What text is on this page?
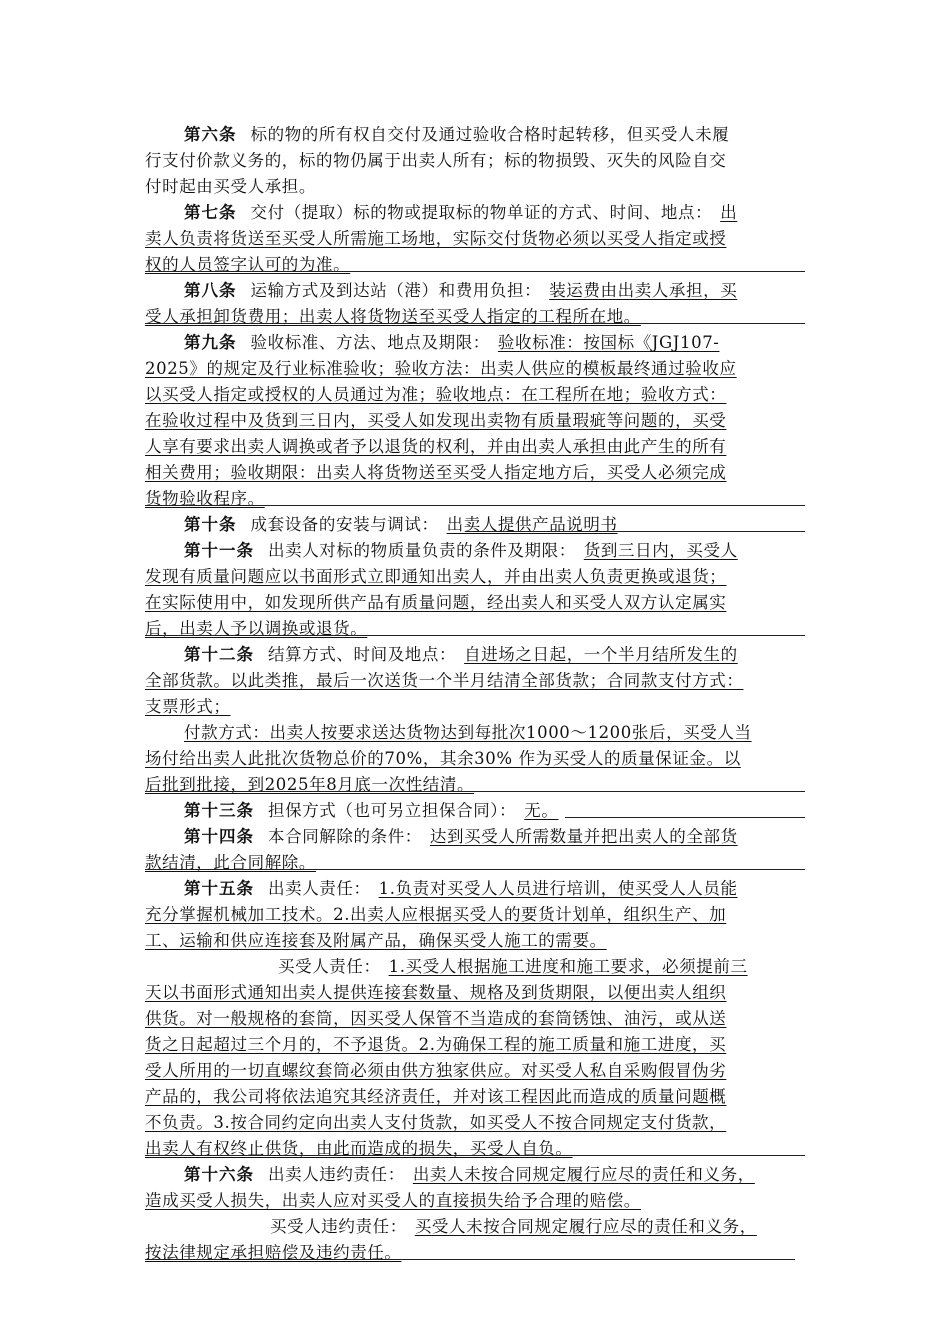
第六条 标的物的所有权自交付及通过验收合格时起转移，但买受人未履
行支付价款义务的，标的物仍属于出卖人所有；标的物损毁、灭失的风险自交
付时起由买受人承担。
第七条 交付（提取）标的物或提取标的物单证的方式、时间、地点： 出
卖人负责将货送至买受人所需施工场地，实际交付货物必须以买受人指定或授
权的人员签字认可的为准。
第八条 运输方式及到达站（港）和费用负担： 装运费由出卖人承担，买
受人承担卸货费用；出卖人将货物送至买受人指定的工程所在地。
第九条 验收标准、方法、地点及期限： 验收标准：按国标《JGJ107-
2025》的规定及行业标准验收；验收方法：出卖人供应的模板最终通过验收应
以买受人指定或授权的人员通过为准；验收地点：在工程所在地；验收方式：
在验收过程中及货到三日内，买受人如发现出卖物有质量瑕疵等问题的，买受
人享有要求出卖人调换或者予以退货的权利，并由出卖人承担由此产生的所有
相关费用；验收期限：出卖人将货物送至买受人指定地方后，买受人必须完成
货物验收程序。
第十条 成套设备的安装与调试： 出卖人提供产品说明书
第十一条 出卖人对标的物质量负责的条件及期限： 货到三日内，买受人
发现有质量问题应以书面形式立即通知出卖人，并由出卖人负责更换或退货；
在实际使用中，如发现所供产品有质量问题，经出卖人和买受人双方认定属实
后，出卖人予以调换或退货。
第十二条 结算方式、时间及地点： 自进场之日起，一个半月结所发生的
全部货款。以此类推，最后一次送货一个半月结清全部货款；合同款支付方式：
支票形式；
付款方式：出卖人按要求送达货物达到每批次1000～1200张后，买受人当
场付给出卖人此批次货物总价的70%，其余30% 作为买受人的质量保证金。以
后批到批接，到2025年8月底一次性结清。
第十三条 担保方式（也可另立担保合同）： 无。
第十四条 本合同解除的条件： 达到买受人所需数量并把出卖人的全部货
款结清，此合同解除。
第十五条 出卖人责任： 1.负责对买受人人员进行培训，使买受人人员能
充分掌握机械加工技术。2.出卖人应根据买受人的要货计划单，组织生产、加
工、运输和供应连接套及附属产品，确保买受人施工的需要。
买受人责任： 1.买受人根据施工进度和施工要求，必须提前三
天以书面形式通知出卖人提供连接套数量、规格及到货期限，以便出卖人组织
供货。对一般规格的套筒，因买受人保管不当造成的套筒锈蚀、油污，或从送
货之日起超过三个月的，不予退货。2.为确保工程的施工质量和施工进度，买
受人所用的一切直螺纹套筒必须由供方独家供应。对买受人私自采购假冒伪劣
产品的，我公司将依法追究其经济责任，并对该工程因此而造成的质量问题概
不负责。3.按合同约定向出卖人支付货款，如买受人不按合同规定支付货款，
出卖人有权终止供货，由此而造成的损失，买受人自负。
第十六条 出卖人违约责任： 出卖人未按合同规定履行应尽的责任和义务，
造成买受人损失，出卖人应对买受人的直接损失给予合理的赔偿。
买受人违约责任： 买受人未按合同规定履行应尽的责任和义务，
按法律规定承担赔偿及违约责任。
